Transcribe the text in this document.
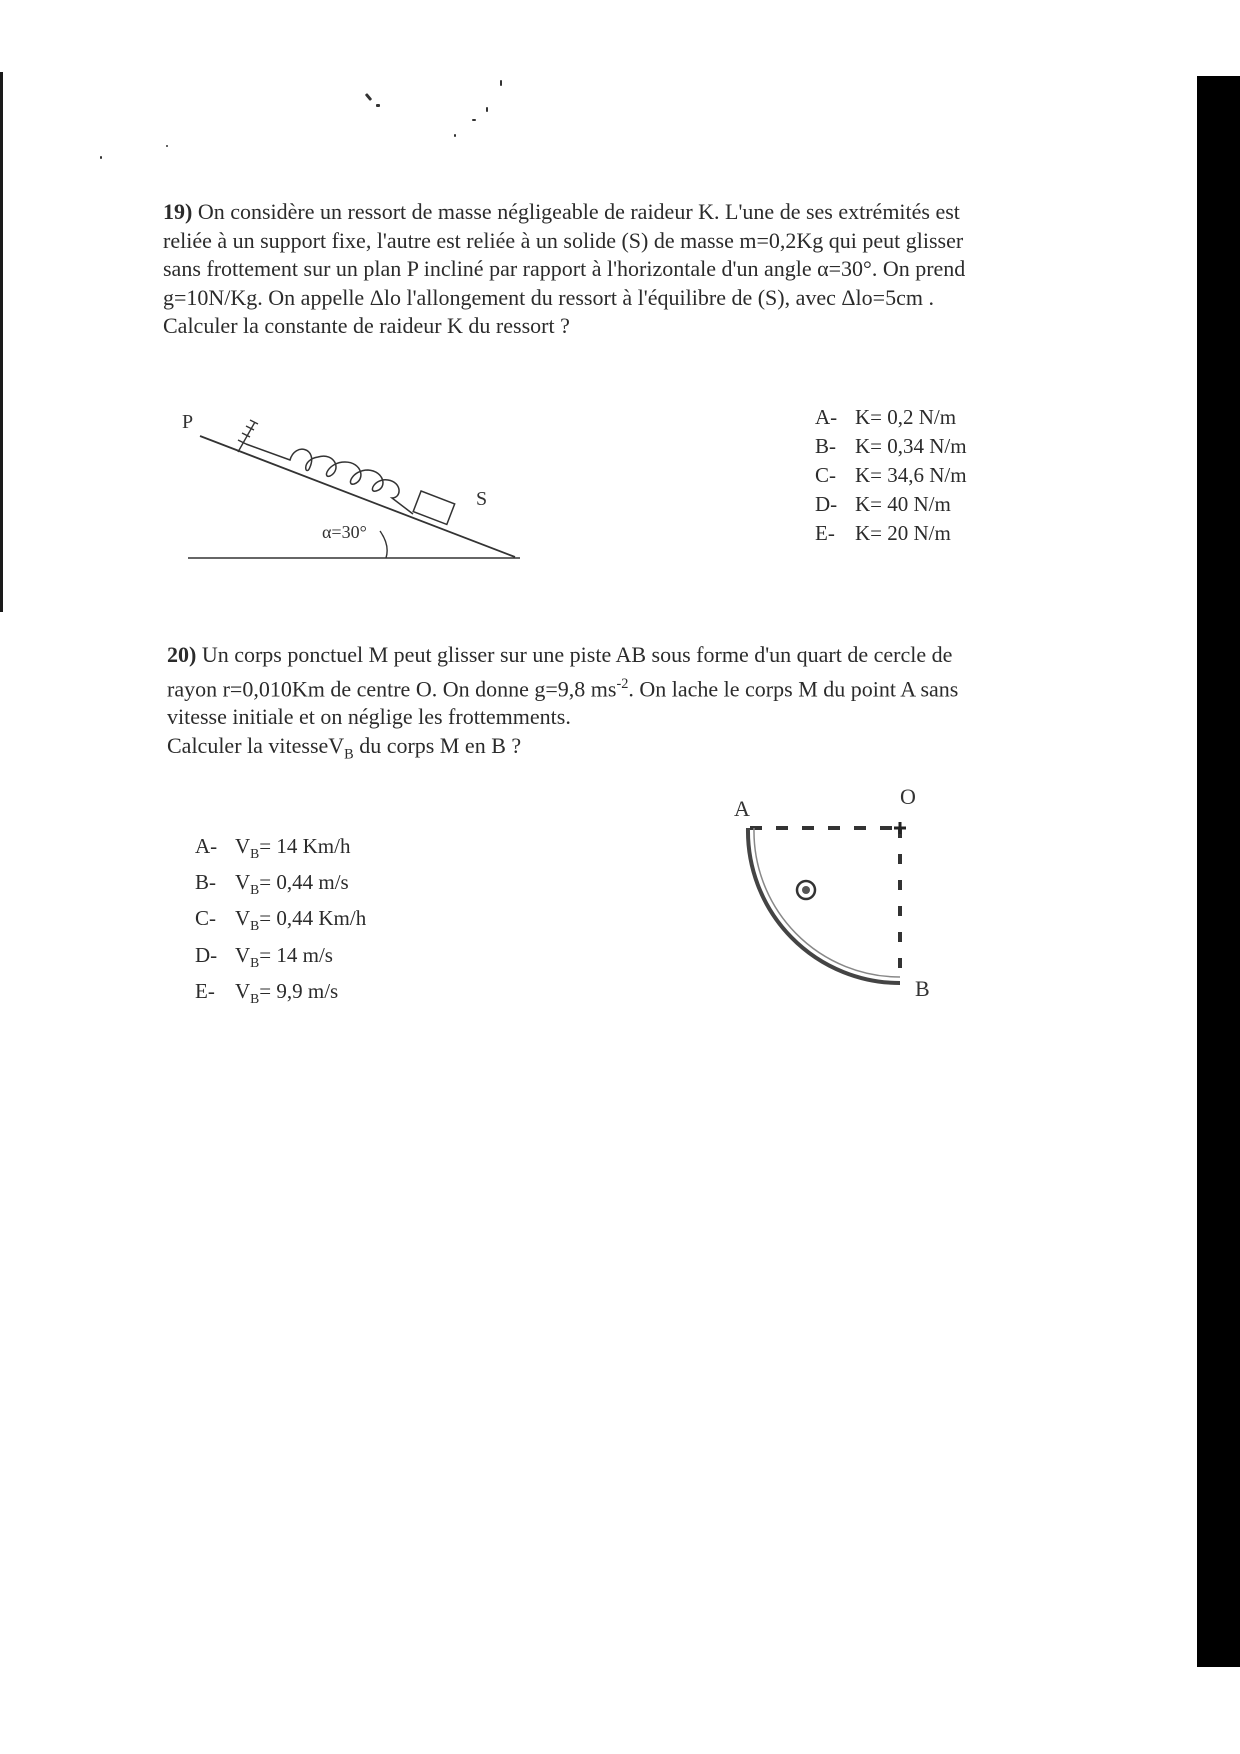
19) On considère un ressort de masse négligeable de raideur K. L'une de ses extrémités est
reliée à un support fixe, l'autre est reliée à un solide (S) de masse m=0,2Kg qui peut glisser
sans frottement sur un plan P incliné par rapport à l'horizontale d'un angle α=30°. On prend
g=10N/Kg. On appelle Δlo l'allongement du ressort à l'équilibre de (S), avec Δlo=5cm .
Calculer la constante de raideur K du ressort ?
P
S
α=30°
A- K= 0,2 N/m
B- K= 0,34 N/m
C- K= 34,6 N/m
D- K= 40 N/m
E- K= 20 N/m
20) Un corps ponctuel M peut glisser sur une piste AB sous forme d'un quart de cercle de
rayon r=0,010Km de centre O. On donne g=9,8 $ms^{-2}$. On lache le corps M du point A sans
vitesse initiale et on néglige les frottemments.
Calculer la vitesseV$_B$ du corps M en B ?
A- $V_B= 14$ Km/h
B- $V_B= 0,44$ m/s
C- $V_B= 0,44$ Km/h
D- $V_B= 14$ m/s
E- $V_B= 9,9$ m/s
A	O
B
